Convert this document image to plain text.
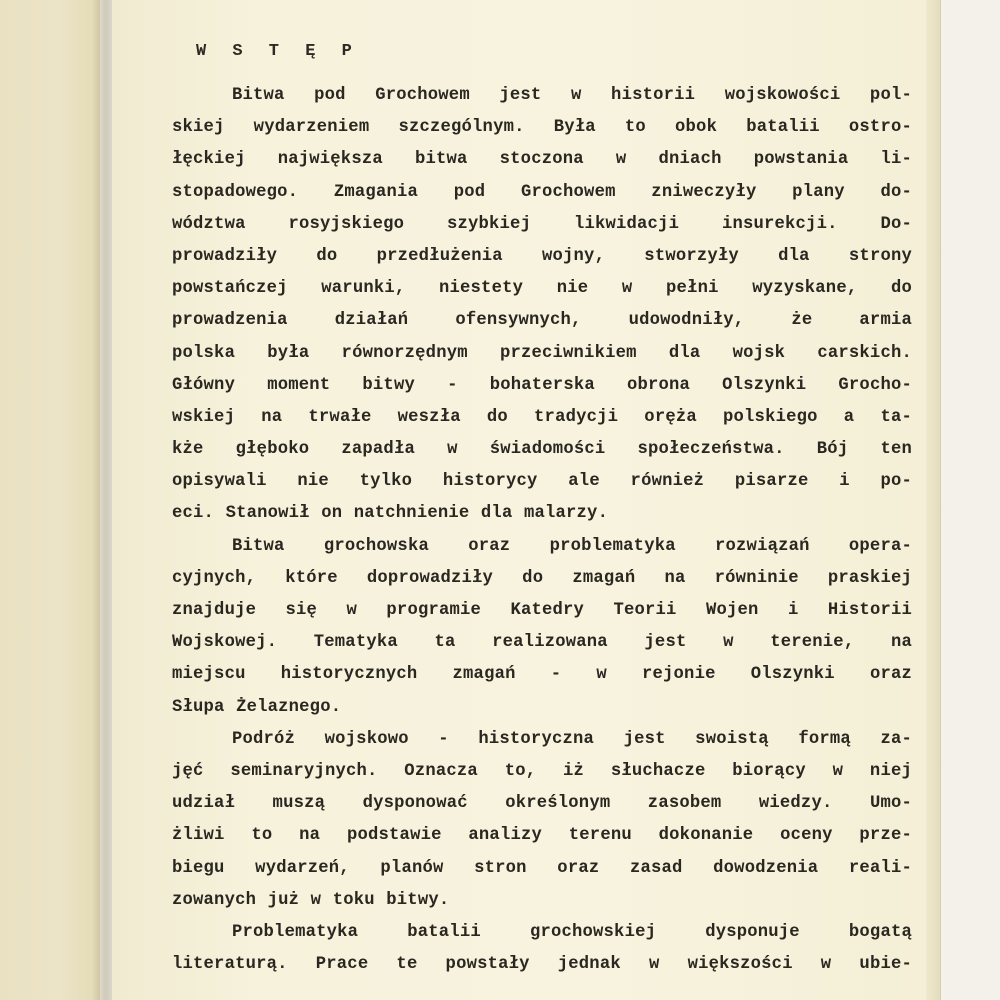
W S T Ę P
Bitwa pod Grochowem jest w historii wojskowości pol-
skiej wydarzeniem szczególnym. Była to obok batalii ostro-
łęckiej największa bitwa stoczona w dniach powstania li-
stopadowego. Zmagania pod Grochowem zniweczyły plany do-
wództwa rosyjskiego szybkiej likwidacji insurekcji. Do-
prowadziły do przedłużenia wojny, stworzyły dla strony
powstańczej warunki, niestety nie w pełni wyzyskane, do
prowadzenia działań ofensywnych, udowodniły, że armia
polska była równorzędnym przeciwnikiem dla wojsk carskich.
Główny moment bitwy - bohaterska obrona Olszynki Grocho-
wskiej na trwałe weszła do tradycji oręża polskiego a ta-
kże głęboko zapadła w świadomości społeczeństwa. Bój ten
opisywali nie tylko historycy ale również pisarze i po-
eci. Stanowił on natchnienie dla malarzy.
Bitwa grochowska oraz problematyka rozwiązań opera-
cyjnych, które doprowadziły do zmagań na równinie praskiej
znajduje się w programie Katedry Teorii Wojen i Historii
Wojskowej. Tematyka ta realizowana jest w terenie, na
miejscu historycznych zmagań - w rejonie Olszynki oraz
Słupa Żelaznego.
Podróż wojskowo - historyczna jest swoistą formą za-
jęć seminaryjnych. Oznacza to, iż słuchacze biorący w niej
udział muszą dysponować określonym zasobem wiedzy. Umo-
żliwi to na podstawie analizy terenu dokonanie oceny prze-
biegu wydarzeń, planów stron oraz zasad dowodzenia reali-
zowanych już w toku bitwy.
Problematyka batalii grochowskiej dysponuje bogatą
literaturą. Prace te powstały jednak w większości w ubie-
